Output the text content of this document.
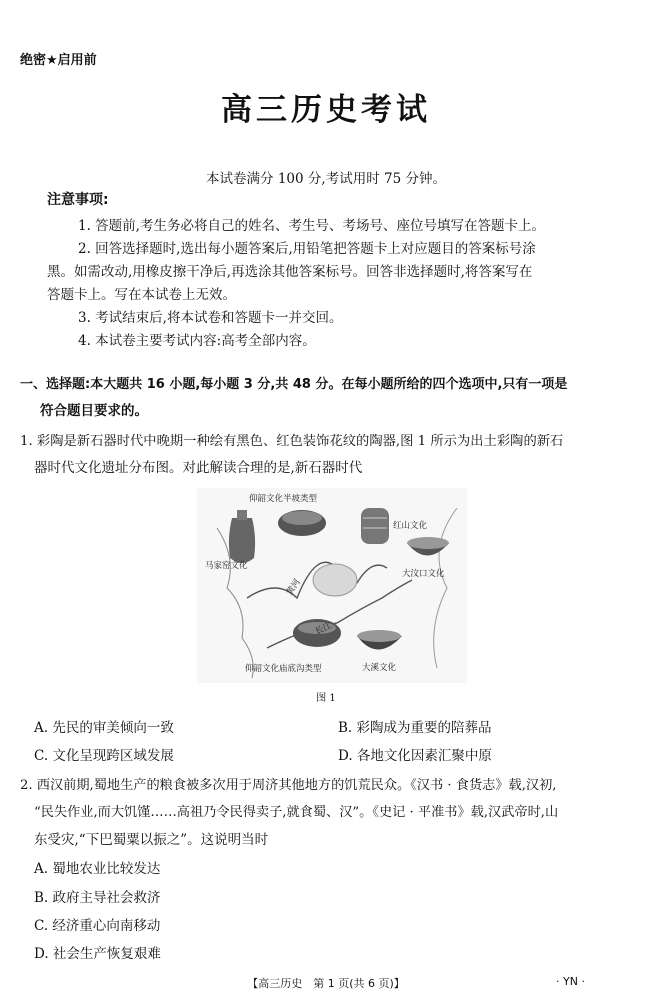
绝密★启用前
高三历史考试
本试卷满分 100 分,考试用时 75 分钟。
注意事项:
1. 答题前,考生务必将自己的姓名、考生号、考场号、座位号填写在答题卡上。
2. 回答选择题时,选出每小题答案后,用铅笔把答题卡上对应题目的答案标号涂
黑。如需改动,用橡皮擦干净后,再选涂其他答案标号。回答非选择题时,将答案写在
答题卡上。写在本试卷上无效。
3. 考试结束后,将本试卷和答题卡一并交回。
4. 本试卷主要考试内容:高考全部内容。
一、选择题:本大题共 16 小题,每小题 3 分,共 48 分。在每小题所给的四个选项中,只有一项是
符合题目要求的。
1. 彩陶是新石器时代中晚期一种绘有黑色、红色装饰花纹的陶器,图 1 所示为出土彩陶的新石
器时代文化遗址分布图。对此解读合理的是,新石器时代
仰韶文化半坡类型
红山文化
马家窑文化
大汶口文化
黄河
长江
仰韶文化庙底沟类型	大溪文化
图 1
A. 先民的审美倾向一致	B. 彩陶成为重要的陪葬品
C. 文化呈现跨区域发展	D. 各地文化因素汇聚中原
2. 西汉前期,蜀地生产的粮食被多次用于周济其他地方的饥荒民众。《汉书 · 食货志》载,汉初,
“民失作业,而大饥馑……高祖乃令民得卖子,就食蜀、汉”。《史记 · 平准书》载,汉武帝时,山
东受灾,“下巴蜀粟以振之”。这说明当时
A. 蜀地农业比较发达
B. 政府主导社会救济
C. 经济重心向南移动
D. 社会生产恢复艰难
【高三历史　第 1 页(共 6 页)】	· YN ·
